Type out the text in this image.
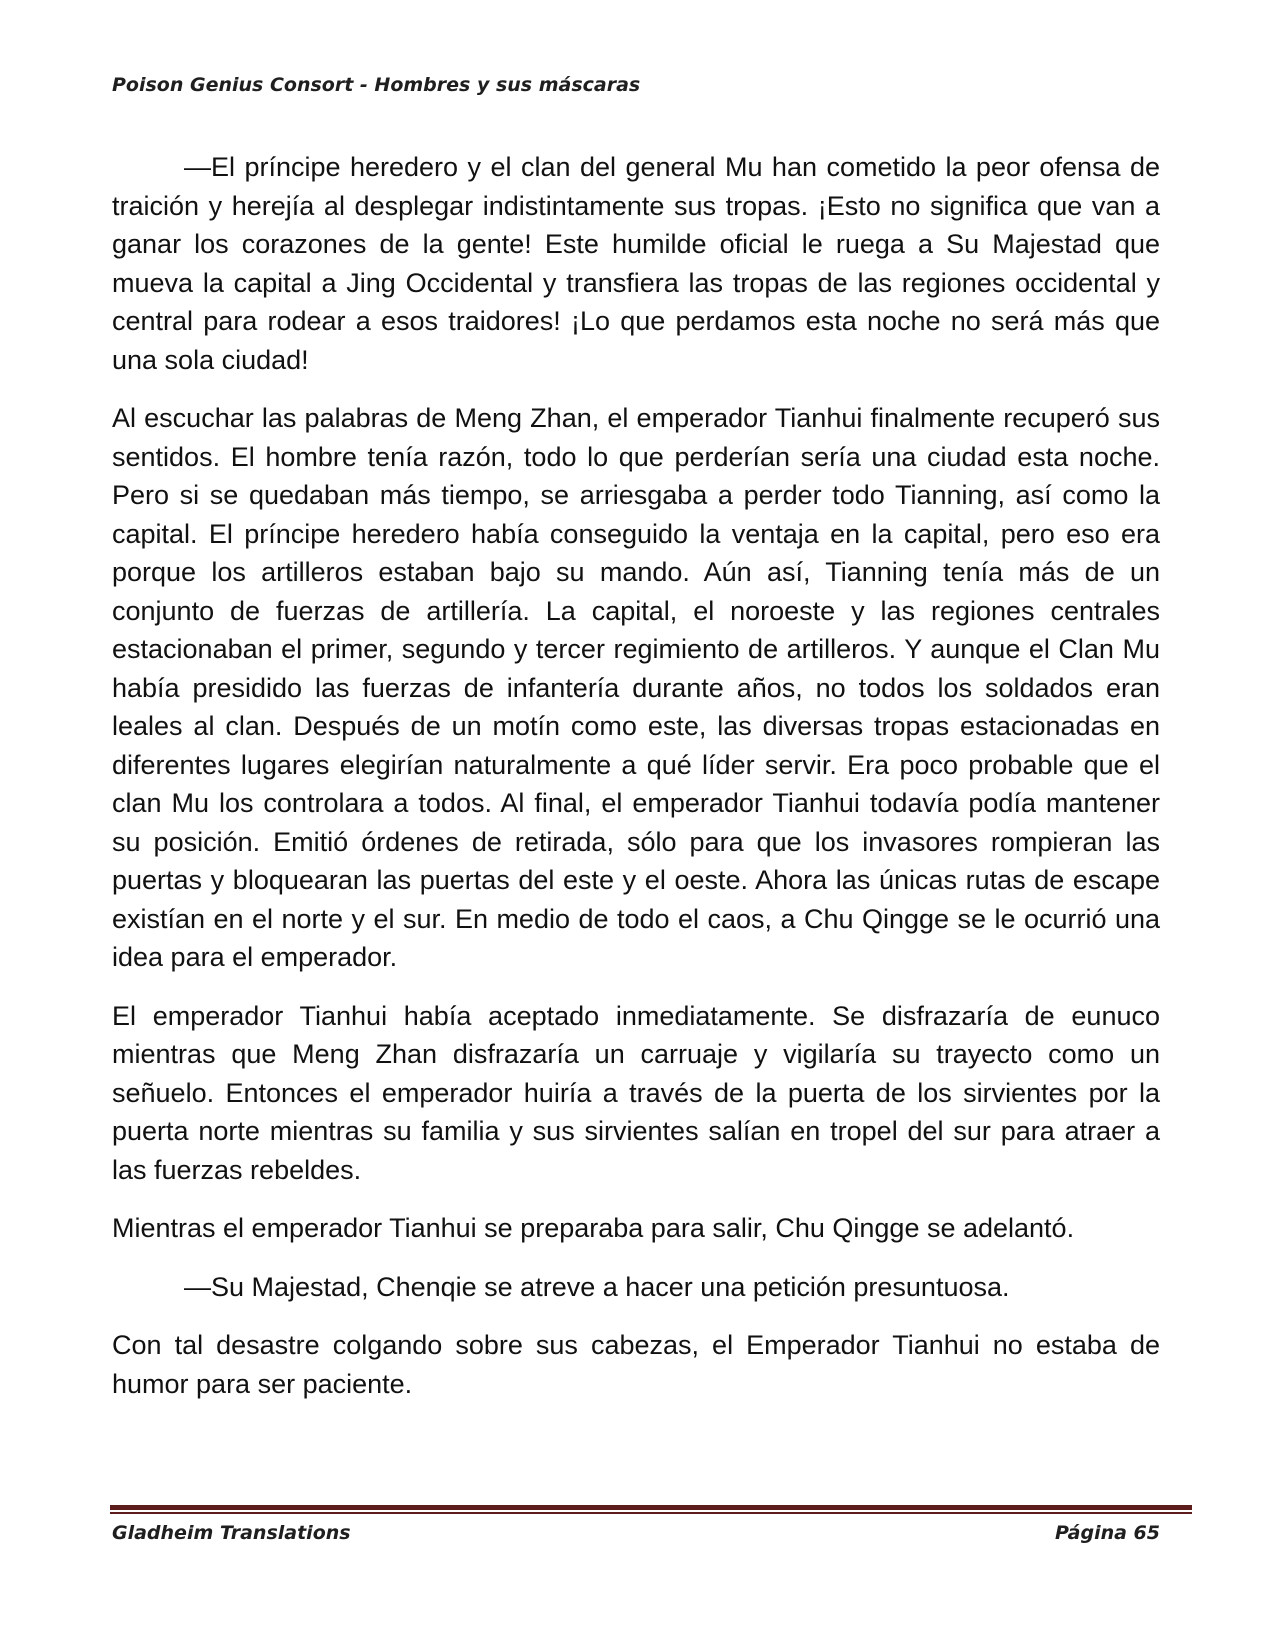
Poison Genius Consort - Hombres y sus máscaras

—El príncipe heredero y el clan del general Mu han cometido la peor ofensa de traición y herejía al desplegar indistintamente sus tropas. ¡Esto no significa que van a ganar los corazones de la gente! Este humilde oficial le ruega a Su Majestad que mueva la capital a Jing Occidental y transfiera las tropas de las regiones occidental y central para rodear a esos traidores! ¡Lo que perdamos esta noche no será más que una sola ciudad!

Al escuchar las palabras de Meng Zhan, el emperador Tianhui finalmente recuperó sus sentidos. El hombre tenía razón, todo lo que perderían sería una ciudad esta noche. Pero si se quedaban más tiempo, se arriesgaba a perder todo Tianning, así como la capital. El príncipe heredero había conseguido la ventaja en la capital, pero eso era porque los artilleros estaban bajo su mando. Aún así, Tianning tenía más de un conjunto de fuerzas de artillería. La capital, el noroeste y las regiones centrales estacionaban el primer, segundo y tercer regimiento de artilleros. Y aunque el Clan Mu había presidido las fuerzas de infantería durante años, no todos los soldados eran leales al clan. Después de un motín como este, las diversas tropas estacionadas en diferentes lugares elegirían naturalmente a qué líder servir. Era poco probable que el clan Mu los controlara a todos. Al final, el emperador Tianhui todavía podía mantener su posición. Emitió órdenes de retirada, sólo para que los invasores rompieran las puertas y bloquearan las puertas del este y el oeste. Ahora las únicas rutas de escape existían en el norte y el sur. En medio de todo el caos, a Chu Qingge se le ocurrió una idea para el emperador.

El emperador Tianhui había aceptado inmediatamente. Se disfrazaría de eunuco mientras que Meng Zhan disfrazaría un carruaje y vigilaría su trayecto como un señuelo. Entonces el emperador huiría a través de la puerta de los sirvientes por la puerta norte mientras su familia y sus sirvientes salían en tropel del sur para atraer a las fuerzas rebeldes.

Mientras el emperador Tianhui se preparaba para salir, Chu Qingge se adelantó.

—Su Majestad, Chenqie se atreve a hacer una petición presuntuosa.

Con tal desastre colgando sobre sus cabezas, el Emperador Tianhui no estaba de humor para ser paciente.

Gladheim Translations	Página 65
